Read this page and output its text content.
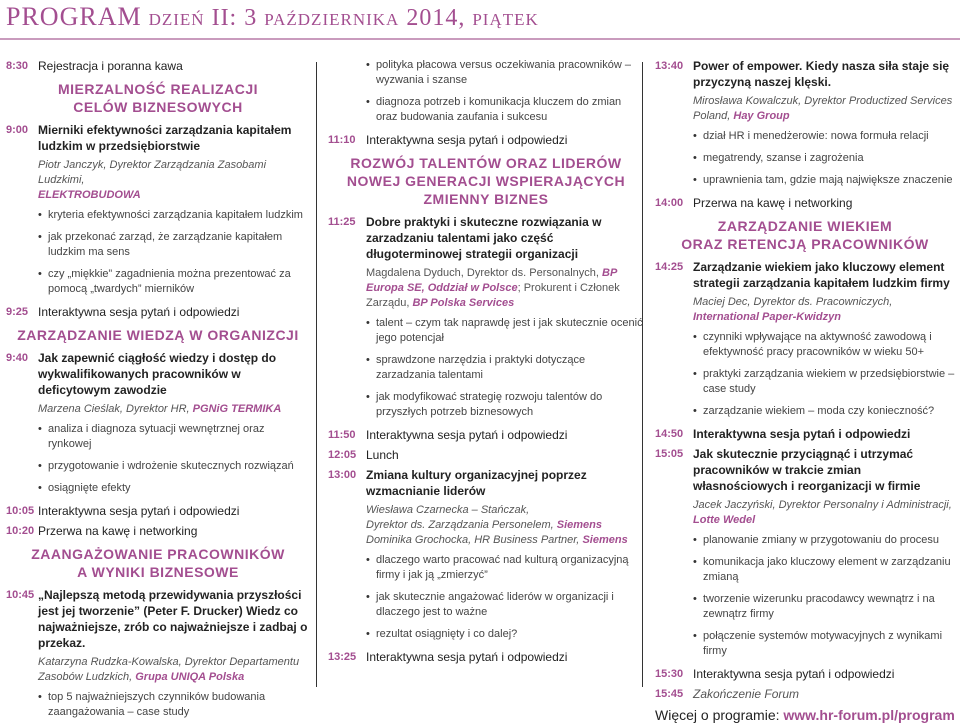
PROGRAM dzień II: 3 października 2014, piątek
8:30 Rejestracja i poranna kawa
MIERZALNOŚĆ REALIZACJI
CELÓW BIZNESOWYCH
9:00 Mierniki efektywności zarządzania kapitałem ludzkim w przedsiębiorstwie
Piotr Janczyk, Dyrektor Zarządzania Zasobami Ludzkimi,
ELEKTROBUDOWA
• kryteria efektywności zarządzania kapitałem ludzkim
• jak przekonać zarząd, że zarządzanie kapitałem ludzkim ma sens
• czy „miękkie” zagadnienia można prezentować za pomocą „twardych” mierników
9:25 Interaktywna sesja pytań i odpowiedzi
ZARZĄDZANIE WIEDZĄ W ORGANIZCJI
9:40 Jak zapewnić ciągłość wiedzy i dostęp do wykwalifikowanych pracowników w deficytowym zawodzie
Marzena Cieślak, Dyrektor HR, PGNiG TERMIKA
• analiza i diagnoza sytuacji wewnętrznej oraz rynkowej
• przygotowanie i wdrożenie skutecznych rozwiązań
• osiągnięte efekty
10:05 Interaktywna sesja pytań i odpowiedzi
10:20 Przerwa na kawę i networking
ZAANGAŻOWANIE PRACOWNIKÓW
A WYNIKI BIZNESOWE
10:45 „Najlepszą metodą przewidywania przyszłości jest jej tworzenie” (Peter F. Drucker) Wiedz co najważniejsze, zrób co najważniejsze i zadbaj o przekaz.
Katarzyna Rudzka-Kowalska, Dyrektor Departamentu Zasobów Ludzkich, Grupa UNIQA Polska
• top 5 najważniejszych czynników budowania zaangażowania – case study
• polityka płacowa versus oczekiwania pracowników – wyzwania i szanse
• diagnoza potrzeb i komunikacja kluczem do zmian oraz budowania zaufania i sukcesu
11:10 Interaktywna sesja pytań i odpowiedzi
ROZWÓJ TALENTÓW ORAZ LIDERÓW
NOWEJ GENERACJI WSPIERAJĄCYCH
ZMIENNY BIZNES
11:25 Dobre praktyki i skuteczne rozwiązania w zarzadzaniu talentami jako część długoterminowej strategii organizacji
Magdalena Dyduch, Dyrektor ds. Personalnych, BP Europa SE, Oddział w Polsce; Prokurent i Członek Zarządu, BP Polska Services
• talent – czym tak naprawdę jest i jak skutecznie ocenić jego potencjał
• sprawdzone narzędzia i praktyki dotyczące zarzadzania talentami
• jak modyfikować strategię rozwoju talentów do przyszłych potrzeb biznesowych
11:50 Interaktywna sesja pytań i odpowiedzi
12:05 Lunch
13:00 Zmiana kultury organizacyjnej poprzez wzmacnianie liderów
Wiesława Czarnecka – Stańczak,
Dyrektor ds. Zarządzania Personelem, Siemens
Dominika Grochocka, HR Business Partner, Siemens
• dlaczego warto pracować nad kulturą organizacyjną firmy i jak ją „zmierzyć”
• jak skutecznie angażować liderów w organizacji i dlaczego jest to ważne
• rezultat osiągnięty i co dalej?
13:25 Interaktywna sesja pytań i odpowiedzi
13:40 Power of empower. Kiedy nasza siła staje się przyczyną naszej klęski.
Mirosława Kowalczuk, Dyrektor Productized Services Poland, Hay Group
• dział HR i menedżerowie: nowa formuła relacji
• megatrendy, szanse i zagrożenia
• uprawnienia tam, gdzie mają największe znaczenie
14:00 Przerwa na kawę i networking
ZARZĄDZANIE WIEKIEM
ORAZ RETENCJĄ PRACOWNIKÓW
14:25 Zarządzanie wiekiem jako kluczowy element strategii zarządzania kapitałem ludzkim firmy
Maciej Dec, Dyrektor ds. Pracowniczych,
International Paper-Kwidzyn
• czynniki wpływające na aktywność zawodową i efektywność pracy pracowników w wieku 50+
• praktyki zarządzania wiekiem w przedsiębiorstwie – case study
• zarządzanie wiekiem – moda czy konieczność?
14:50 Interaktywna sesja pytań i odpowiedzi
15:05 Jak skutecznie przyciągnąć i utrzymać pracowników w trakcie zmian własnościowych i reorganizacji w firmie
Jacek Jaczyński, Dyrektor Personalny i Administracji,
Lotte Wedel
• planowanie zmiany w przygotowaniu do procesu
• komunikacja jako kluczowy element w zarządzaniu zmianą
• tworzenie wizerunku pracodawcy wewnątrz i na zewnątrz firmy
• połączenie systemów motywacyjnych z wynikami firmy
15:30 Interaktywna sesja pytań i odpowiedzi
15:45 Zakończenie Forum
Więcej o programie: www.hr-forum.pl/program
